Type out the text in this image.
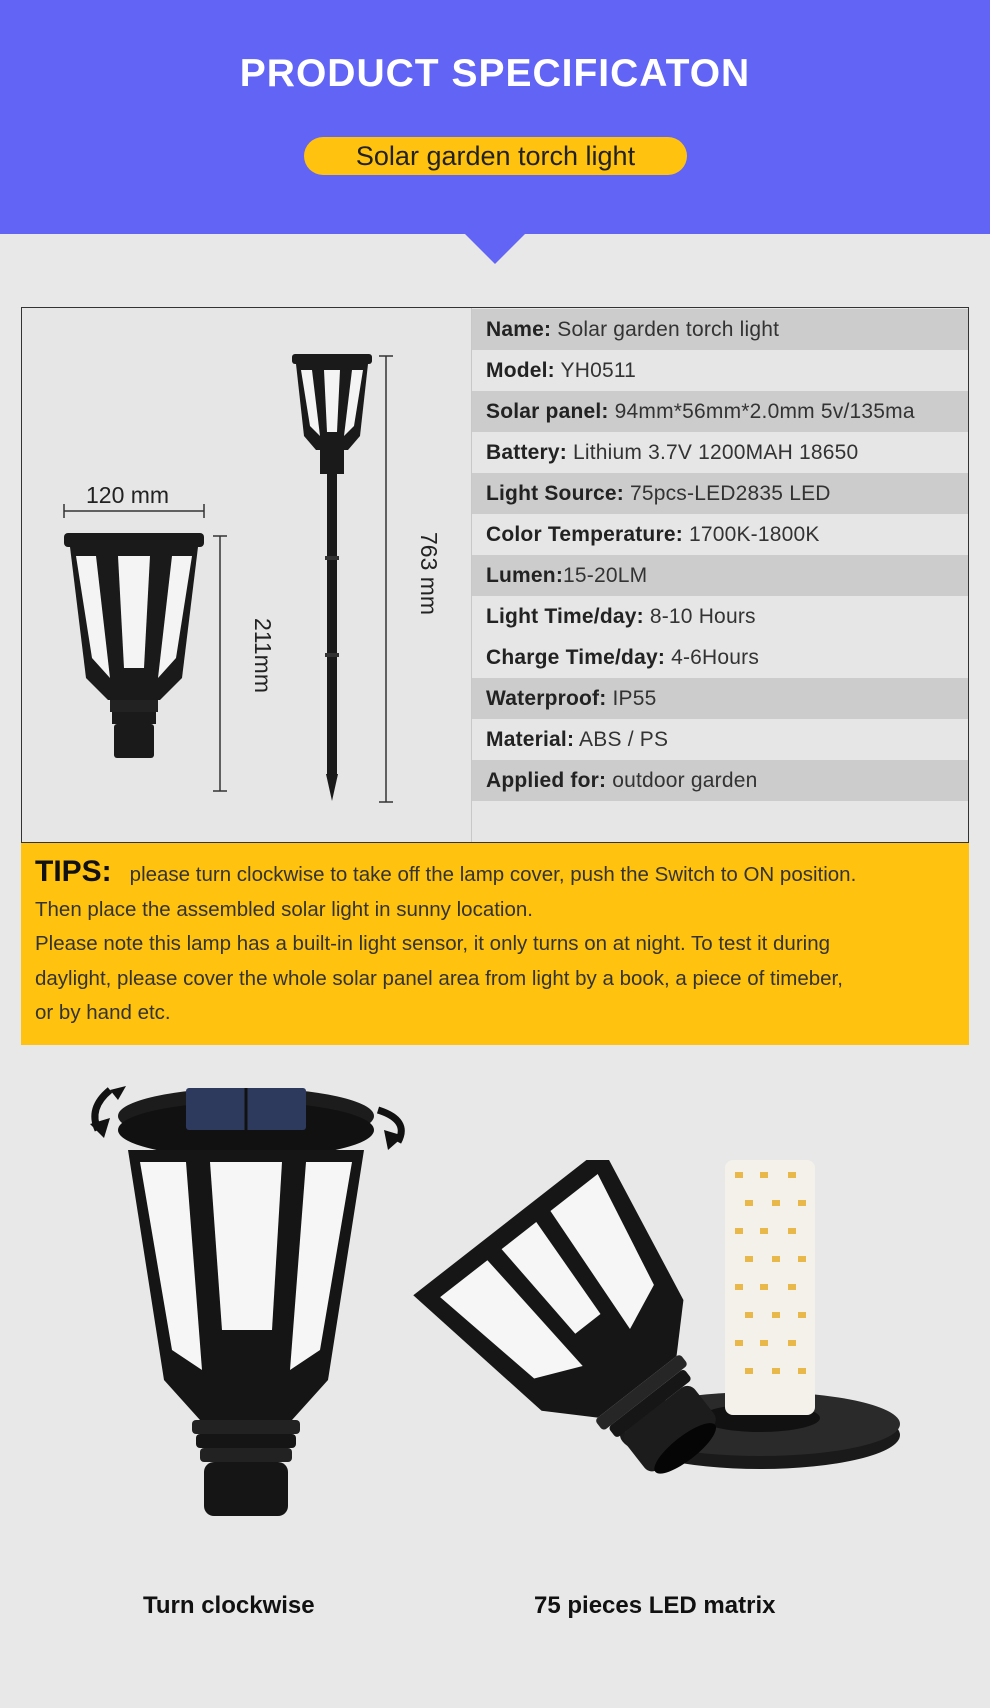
PRODUCT SPECIFICATON
Solar garden torch light
120 mm
211mm
763 mm
Name: Solar garden torch light
Model: YH0511
Solar panel: 94mm*56mm*2.0mm 5v/135ma
Battery: Lithium 3.7V 1200MAH 18650
Light Source: 75pcs-LED2835 LED
Color Temperature: 1700K-1800K
Lumen:15-20LM
Light Time/day: 8-10 Hours
Charge Time/day: 4-6Hours
Waterproof: IP55
Material: ABS / PS
Applied for: outdoor garden
TIPS: please turn clockwise to take off the lamp cover, push the Switch to ON position.
Then place the assembled solar light in sunny location.
Please note this lamp has a built-in light sensor, it only turns on at night. To test it during
daylight, please cover the whole solar panel area from light by a book, a piece of timeber,
or by hand etc.
Turn clockwise	75 pieces LED matrix
